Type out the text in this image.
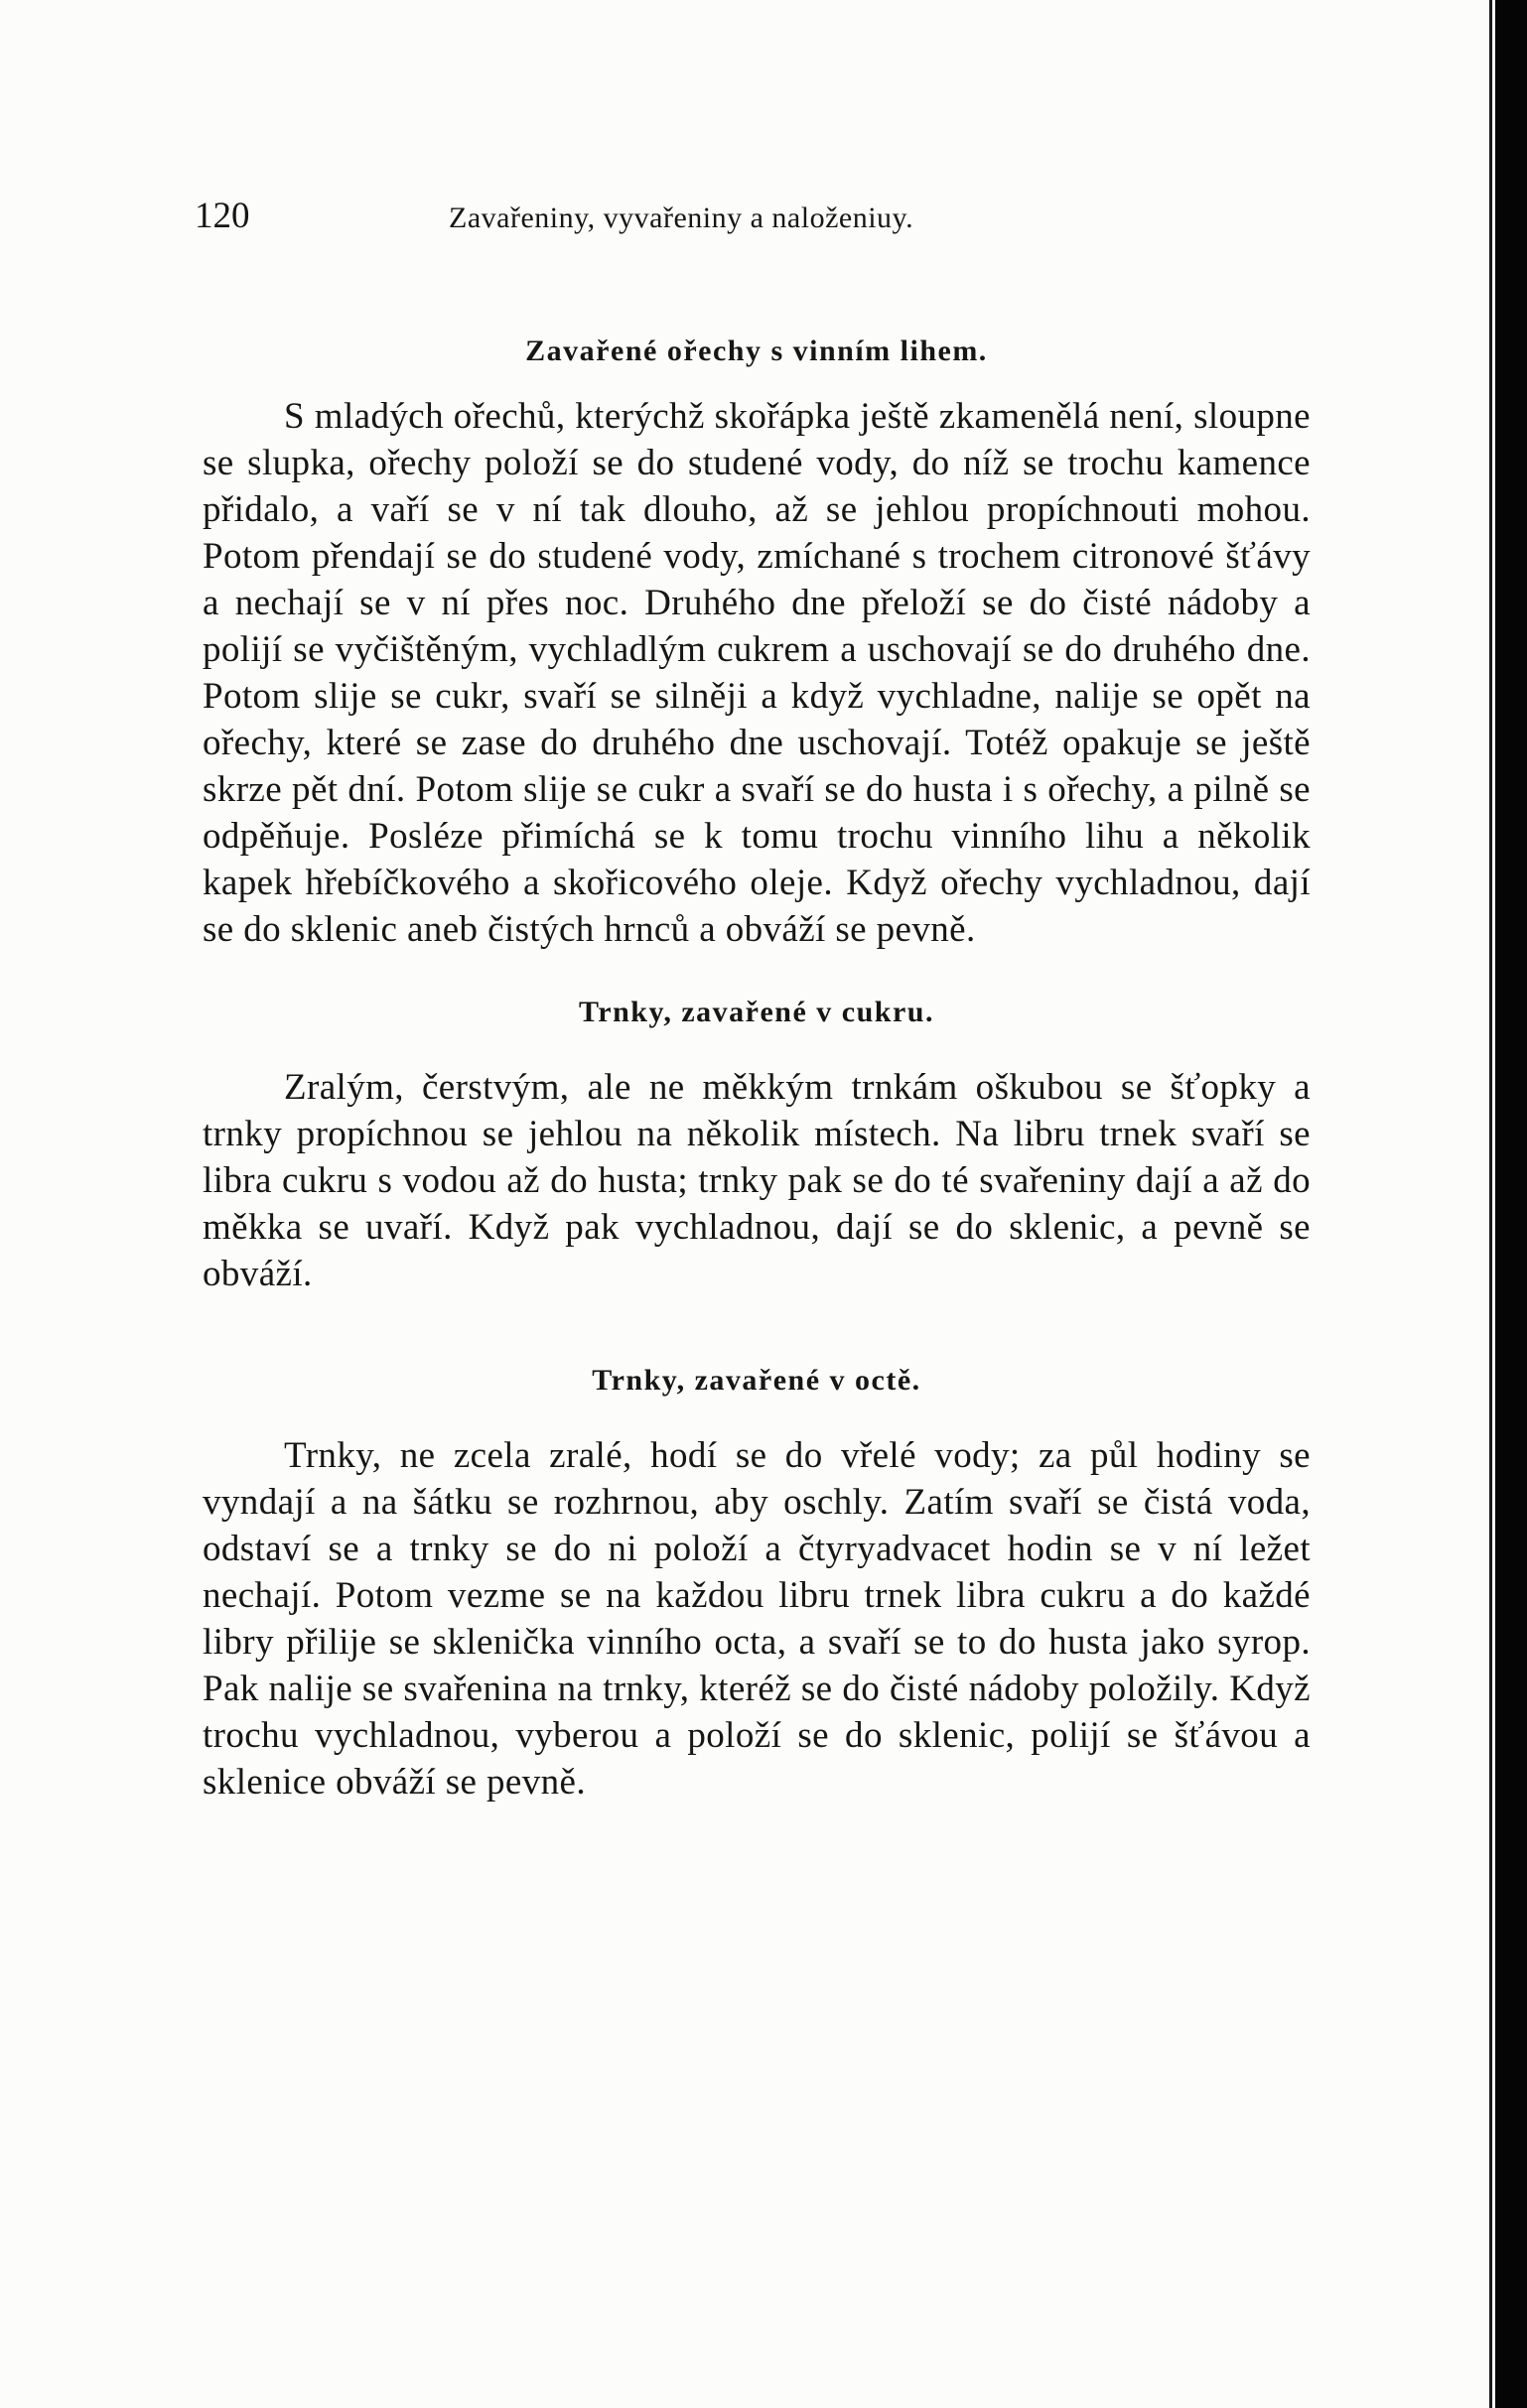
120	Zavařeniny, vyvařeniny a naloženiuy.
Zavařené ořechy s vinním lihem.

S mladých ořechů, kterýchž skořápka ještě zkamenělá není, sloupne se slupka, ořechy položí se do studené vody, do níž se trochu kamence přidalo, a vaří se v ní tak dlouho, až se jehlou propíchnouti mohou. Potom přendají se do studené vody, zmíchané s trochem citronové šťávy a nechají se v ní přes noc. Druhého dne přeloží se do čisté nádoby a polijí se vyčištěným, vychladlým cukrem a uschovají se do druhého dne. Potom slije se cukr, svaří se silněji a když vychladne, nalije se opět na ořechy, které se zase do druhého dne uschovají. Totéž opakuje se ještě skrze pět dní. Potom slije se cukr a svaří se do husta i s ořechy, a pilně se odpěňuje. Posléze přimíchá se k tomu trochu vinního lihu a několik kapek hřebíčkového a skořicového oleje. Když ořechy vychladnou, dají se do sklenic aneb čistých hrnců a obváží se pevně.

Trnky, zavařené v cukru.

Zralým, čerstvým, ale ne měkkým trnkám oškubou se šťopky a trnky propíchnou se jehlou na několik místech. Na libru trnek svaří se libra cukru s vodou až do husta; trnky pak se do té svařeniny dají a až do měkka se uvaří. Když pak vychladnou, dají se do sklenic, a pevně se obváží.

Trnky, zavařené v octě.

Trnky, ne zcela zralé, hodí se do vřelé vody; za půl hodiny se vyndají a na šátku se rozhrnou, aby oschly. Zatím svaří se čistá voda, odstaví se a trnky se do ni položí a čtyryadvacet hodin se v ní ležet nechají. Potom vezme se na každou libru trnek libra cukru a do každé libry přilije se sklenička vinního octa, a svaří se to do husta jako syrop. Pak nalije se svařenina na trnky, kteréž se do čisté nádoby položily. Když trochu vychladnou, vyberou a položí se do sklenic, polijí se šťávou a sklenice obváží se pevně.
